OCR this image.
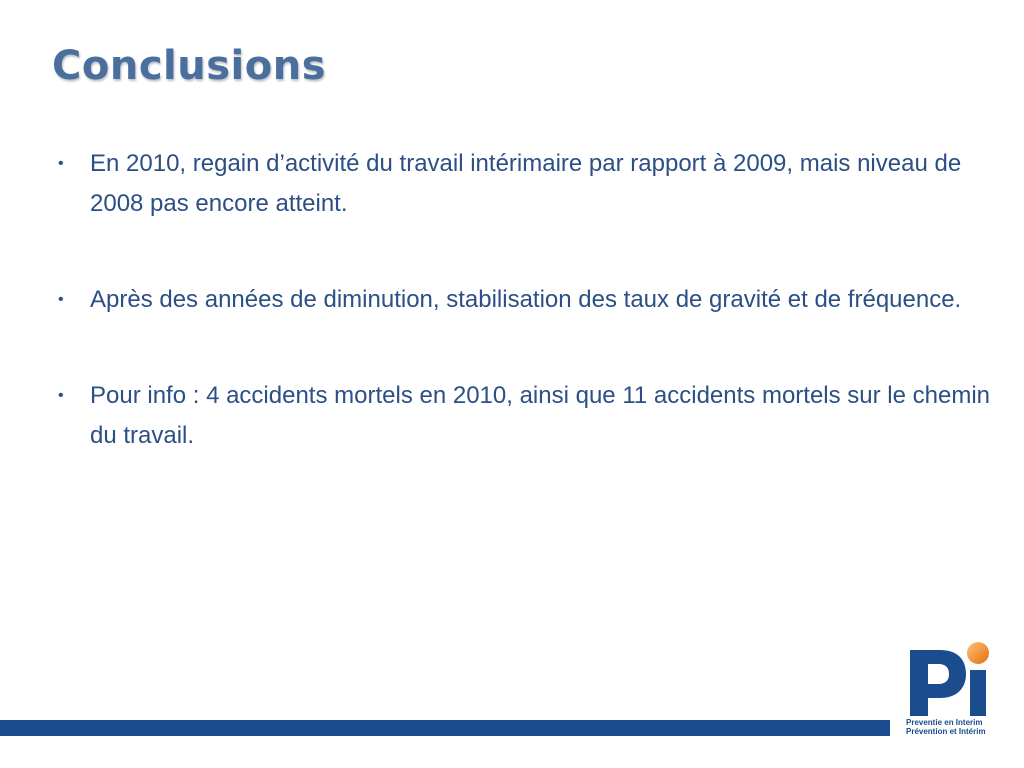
Conclusions
• En 2010, regain d’activité du travail intérimaire par rapport à 2009, mais niveau de 2008 pas encore atteint.
• Après des années de diminution, stabilisation des taux de gravité et de fréquence.
• Pour info : 4 accidents mortels en 2010, ainsi que 11 accidents mortels sur le chemin du travail.
Preventie en Interim
Prévention et Intérim
